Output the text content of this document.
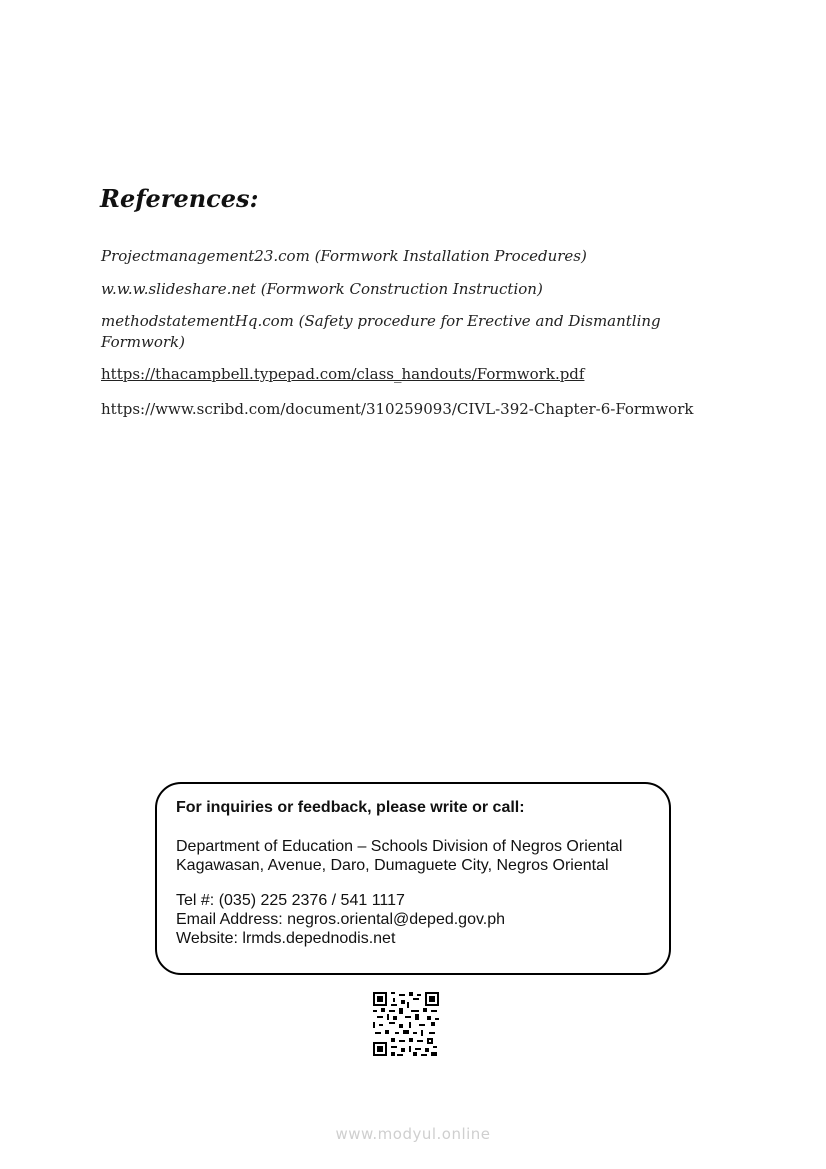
References:
Projectmanagement23.com (Formwork Installation Procedures)
w.w.w.slideshare.net (Formwork Construction Instruction)
methodstatementHq.com (Safety procedure for Erective and Dismantling Formwork)
https://thacampbell.typepad.com/class_handouts/Formwork.pdf
https://www.scribd.com/document/310259093/CIVL-392-Chapter-6-Formwork
For inquiries or feedback, please write or call:
Department of Education – Schools Division of Negros Oriental
Kagawasan, Avenue, Daro, Dumaguete City, Negros Oriental
Tel #: (035) 225 2376 / 541 1117
Email Address: negros.oriental@deped.gov.ph
Website: lrmds.depednodis.net
www.modyul.online
